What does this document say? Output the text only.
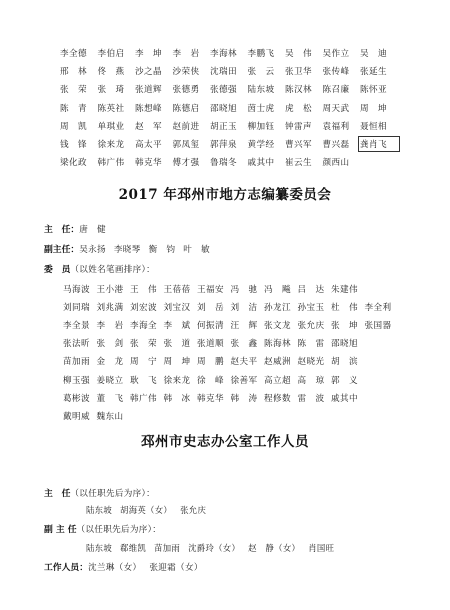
李全德	李伯启	李　坤	李　岩	李海林	李鹏飞	吴　伟	吴作立	吴　迪
邢　林	佟　燕	沙之晶	沙荣侠	沈瑞田	张　云	张卫华	张传峰	张延生
张　荣	张　琦	张道辉	张德勇	张德强	陆东坡	陈汉林	陈召廉	陈怀亚
陈　青	陈英社	陈想峰	陈德启	邵晓旭	茵士虎	虎　松	周天武	周　坤
周　凯	单琪业	赵　军	赵前进	胡正玉	柳加钰	钟雷声	袁福利	聂恒相
钱　锋	徐来龙	高太平	郭凤玺	郭萍泉	黄学经	曹兴军	曹兴磊	龚肖飞
梁化政	韩广伟	韩克华	傅才强	鲁瑞冬	戚其中	崔云生	颜西山
2017 年邳州市地方志编纂委员会
主　任：唐　健
副主任：吴永扬 李晓琴 衡　钧 叶　敏
委　员（以姓名笔画排序）：
马海波 王小港 王　伟 王蓓蓓 王福安 冯　驰 冯　飚 吕　达 朱建伟
刘同瑞 刘兆满 刘宏波 刘宝汉 刘　岳 刘　洁 孙龙江 孙宝玉 杜　伟 李全利
李全景 李　岩 李海全 李　斌 何振清 汪　辉 张文龙 张允庆 张　坤 张国器
张法昕 张　剑 张　荣 张　道 张道顺 张　鑫 陈海林 陈　雷 邵晓旭
苗加雨 金　龙 周　宁 周　坤 周　鹏 赵夫平 赵威洲 赵晓光 胡　滨
柳玉强 姜晓立 耿　飞 徐来龙 徐　峰 徐善军 高立超 高　琼 郭　义
葛彬波 董　飞 韩广伟 韩　冰 韩克华 韩　涛 程修数 雷　波 戚其中
戴明威 魏东山
邳州市史志办公室工作人员
主　任（以任职先后为序）：
陆东坡 胡海英（女） 张允庆
副 主 任（以任职先后为序）：
陆东坡 郗维凯 苗加雨 沈爵玲（女） 赵　静（女） 肖国旺
工作人员：沈兰琳（女） 张迎霜（女）
